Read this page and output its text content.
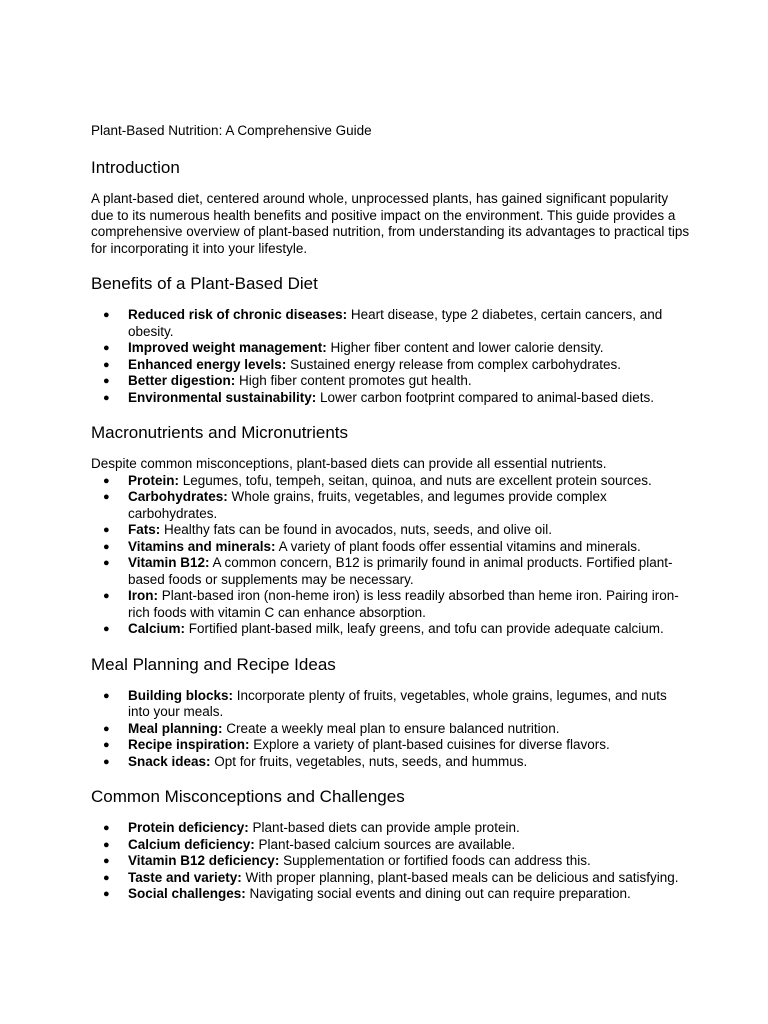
Plant-Based Nutrition: A Comprehensive Guide
Introduction

A plant-based diet, centered around whole, unprocessed plants, has gained significant popularity due to its numerous health benefits and positive impact on the environment. This guide provides a comprehensive overview of plant-based nutrition, from understanding its advantages to practical tips for incorporating it into your lifestyle.

Benefits of a Plant-Based Diet
● Reduced risk of chronic diseases: Heart disease, type 2 diabetes, certain cancers, and obesity.
● Improved weight management: Higher fiber content and lower calorie density.
● Enhanced energy levels: Sustained energy release from complex carbohydrates.
● Better digestion: High fiber content promotes gut health.
● Environmental sustainability: Lower carbon footprint compared to animal-based diets.
Macronutrients and Micronutrients

Despite common misconceptions, plant-based diets can provide all essential nutrients.

● Protein: Legumes, tofu, tempeh, seitan, quinoa, and nuts are excellent protein sources.
● Carbohydrates: Whole grains, fruits, vegetables, and legumes provide complex carbohydrates.
● Fats: Healthy fats can be found in avocados, nuts, seeds, and olive oil.
● Vitamins and minerals: A variety of plant foods offer essential vitamins and minerals.
● Vitamin B12: A common concern, B12 is primarily found in animal products. Fortified plant-based foods or supplements may be necessary.
● Iron: Plant-based iron (non-heme iron) is less readily absorbed than heme iron. Pairing iron-rich foods with vitamin C can enhance absorption.
● Calcium: Fortified plant-based milk, leafy greens, and tofu can provide adequate calcium.
Meal Planning and Recipe Ideas
● Building blocks: Incorporate plenty of fruits, vegetables, whole grains, legumes, and nuts into your meals.
● Meal planning: Create a weekly meal plan to ensure balanced nutrition.
● Recipe inspiration: Explore a variety of plant-based cuisines for diverse flavors.
● Snack ideas: Opt for fruits, vegetables, nuts, seeds, and hummus.
Common Misconceptions and Challenges
● Protein deficiency: Plant-based diets can provide ample protein.
● Calcium deficiency: Plant-based calcium sources are available.
● Vitamin B12 deficiency: Supplementation or fortified foods can address this.
● Taste and variety: With proper planning, plant-based meals can be delicious and satisfying.
● Social challenges: Navigating social events and dining out can require preparation.
